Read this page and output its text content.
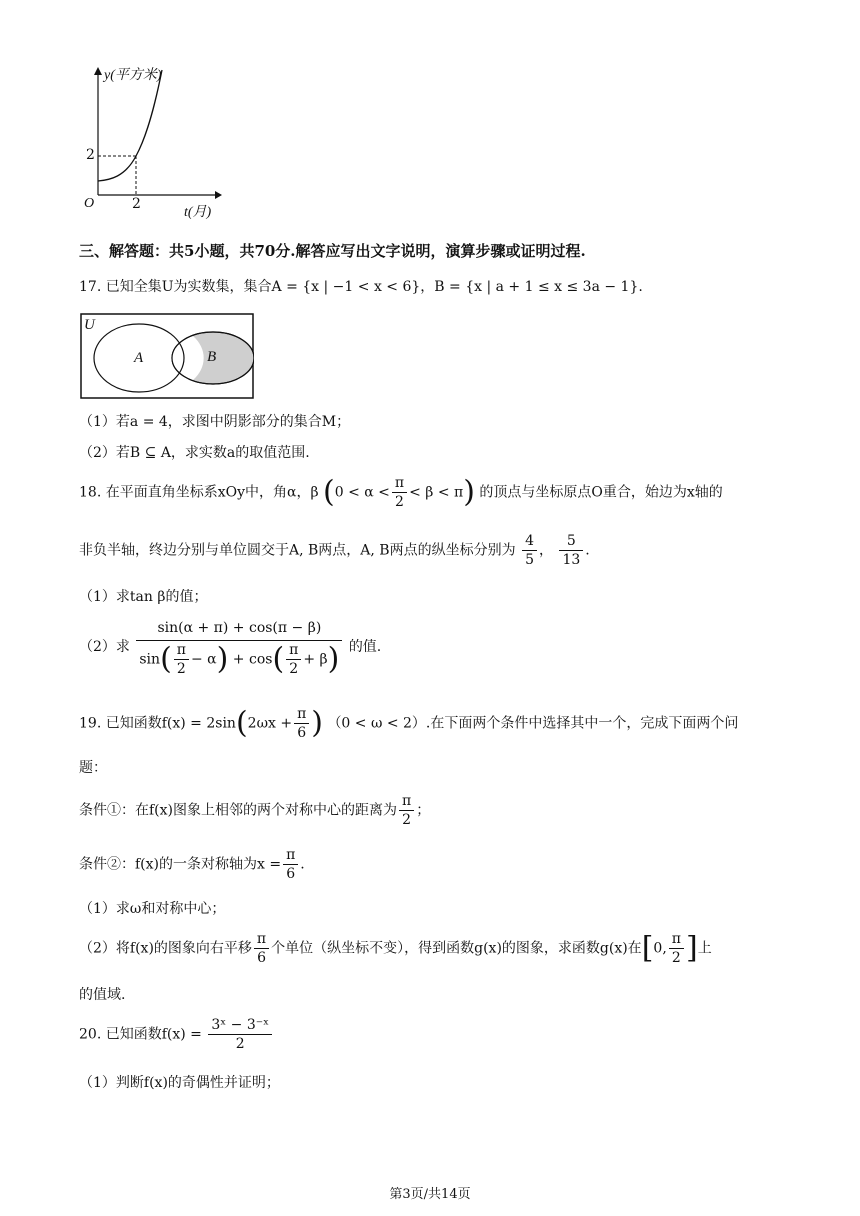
y(平方米)
O
2
2
t(月)
三、解答题：共5小题，共70分.解答应写出文字说明，演算步骤或证明过程.
17. 已知全集U为实数集，集合A = {x | −1 < x < 6}，B = {x | a + 1 ≤ x ≤ 3a − 1}.
U
A	B
（1）若a = 4，求图中阴影部分的集合M；
（2）若B ⊆ A，求实数a的取值范围.
18. 在平面直角坐标系xOy中，角α，β $(0 < \alpha < \frac{\pi}{2} < \beta < \pi)$ 的顶点与坐标原点O重合，始边为x轴的
非负半轴，终边分别与单位圆交于A, B两点，A, B两点的纵坐标分别为 $\frac{4}{5}$ ， $\frac{5}{13}$ .
（1）求tan β的值；
（2）求 $\frac{\sin(\alpha + \pi) + \cos(\pi - \beta)}{\sin( \frac{\pi}{2} - \alpha) + \cos( \frac{\pi}{2} + \beta)}$ 的值.
19. 已知函数$f(x) = 2\sin(2\omega x + \frac{\pi}{6}$ ) （0 < ω < 2）.在下面两个条件中选择其中一个，完成下面两个问
题：
条件①：在f(x)图象上相邻的两个对称中心的距离为 $\frac{\pi}{2}$ ；
条件②：f(x)的一条对称轴为$x = \frac{\pi}{6}$ .
（1）求ω和对称中心；
（2）将f(x)的图象向右平移 $\frac{\pi}{6}$ 个单位（纵坐标不变），得到函数g(x)的图象，求函数g(x)在[0, $\frac{\pi}{2}$ ]上
的值域.
20. 已知函数$f(x) = \frac{\text{3ˣ − 3⁻ˣ}}{2}$
（1）判断f(x)的奇偶性并证明；
第3页/共14页
